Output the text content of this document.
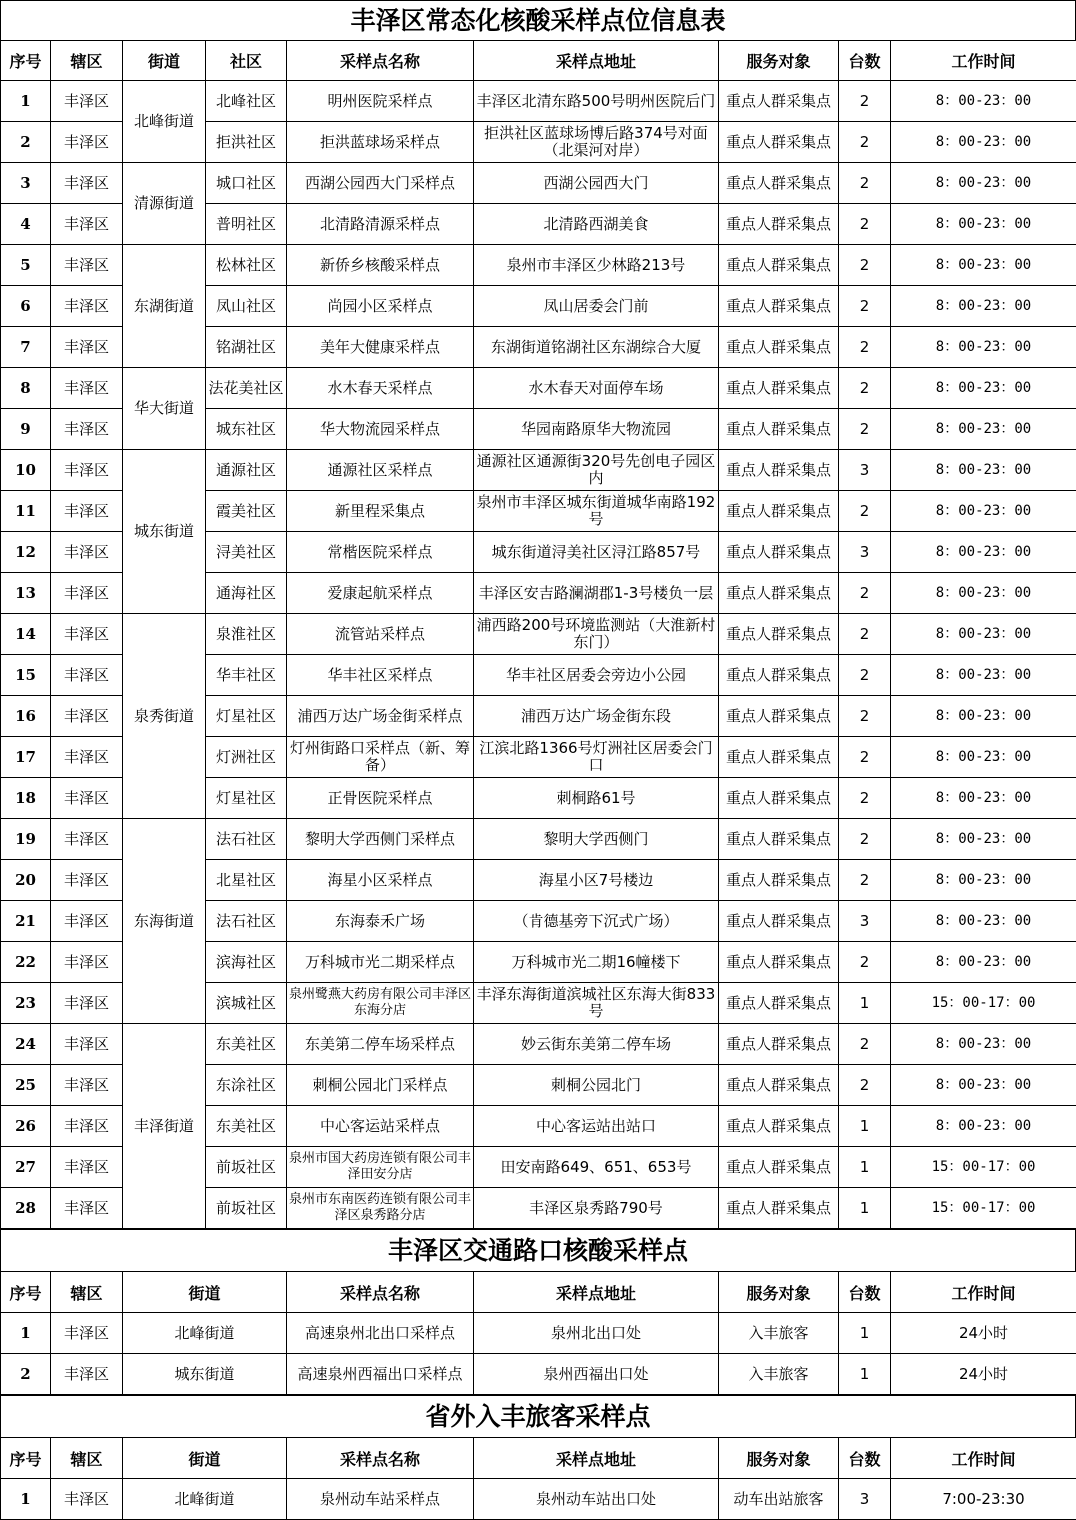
丰泽区常态化核酸采样点位信息表
序号	辖区	街道	社区	采样点名称	采样点地址	服务对象	台数	工作时间
1	丰泽区	北峰街道	北峰社区	明州医院采样点	丰泽区北清东路500号明州医院后门	重点人群采集点	2	8：00-23：00
2	丰泽区		拒洪社区	拒洪蓝球场采样点	拒洪社区蓝球场博后路374号对面（北渠河对岸）	重点人群采集点	2	8：00-23：00
3	丰泽区	清源街道	城口社区	西湖公园西大门采样点	西湖公园西大门	重点人群采集点	2	8：00-23：00
4	丰泽区		普明社区	北清路清源采样点	北清路西湖美食	重点人群采集点	2	8：00-23：00
5	丰泽区	东湖街道	松林社区	新侨乡核酸采样点	泉州市丰泽区少林路213号	重点人群采集点	2	8：00-23：00
6	丰泽区		凤山社区	尚园小区采样点	凤山居委会门前	重点人群采集点	2	8：00-23：00
7	丰泽区		铭湖社区	美年大健康采样点	东湖街道铭湖社区东湖综合大厦	重点人群采集点	2	8：00-23：00
8	丰泽区	华大街道	法花美社区	水木春天采样点	水木春天对面停车场	重点人群采集点	2	8：00-23：00
9	丰泽区		城东社区	华大物流园采样点	华园南路原华大物流园	重点人群采集点	2	8：00-23：00
10	丰泽区	城东街道	通源社区	通源社区采样点	通源社区通源街320号先创电子园区内	重点人群采集点	3	8：00-23：00
11	丰泽区		霞美社区	新里程采集点	泉州市丰泽区城东街道城华南路192号	重点人群采集点	2	8：00-23：00
12	丰泽区		浔美社区	常楷医院采样点	城东街道浔美社区浔江路857号	重点人群采集点	3	8：00-23：00
13	丰泽区		通海社区	爱康起航采样点	丰泽区安吉路澜湖郡1-3号楼负一层	重点人群采集点	2	8：00-23：00
14	丰泽区	泉秀街道	泉淮社区	流管站采样点	浦西路200号环境监测站（大淮新村东门）	重点人群采集点	2	8：00-23：00
15	丰泽区		华丰社区	华丰社区采样点	华丰社区居委会旁边小公园	重点人群采集点	2	8：00-23：00
16	丰泽区		灯星社区	浦西万达广场金街采样点	浦西万达广场金街东段	重点人群采集点	2	8：00-23：00
17	丰泽区		灯洲社区	灯州街路口采样点（新、筹备）	江滨北路1366号灯洲社区居委会门口	重点人群采集点	2	8：00-23：00
18	丰泽区		灯星社区	正骨医院采样点	刺桐路61号	重点人群采集点	2	8：00-23：00
19	丰泽区	东海街道	法石社区	黎明大学西侧门采样点	黎明大学西侧门	重点人群采集点	2	8：00-23：00
20	丰泽区		北星社区	海星小区采样点	海星小区7号楼边	重点人群采集点	2	8：00-23：00
21	丰泽区		法石社区	东海泰禾广场	（肯德基旁下沉式广场）	重点人群采集点	3	8：00-23：00
22	丰泽区		滨海社区	万科城市光二期采样点	万科城市光二期16幢楼下	重点人群采集点	2	8：00-23：00
23	丰泽区		滨城社区	泉州鹭燕大药房有限公司丰泽区东海分店	丰泽东海街道滨城社区东海大街833号	重点人群采集点	1	15：00-17：00
24	丰泽区	丰泽街道	东美社区	东美第二停车场采样点	妙云街东美第二停车场	重点人群采集点	2	8：00-23：00
25	丰泽区		东涂社区	刺桐公园北门采样点	刺桐公园北门	重点人群采集点	2	8：00-23：00
26	丰泽区		东美社区	中心客运站采样点	中心客运站出站口	重点人群采集点	1	8：00-23：00
27	丰泽区		前坂社区	泉州市国大药房连锁有限公司丰泽田安分店	田安南路649、651、653号	重点人群采集点	1	15：00-17：00
28	丰泽区		前坂社区	泉州市东南医药连锁有限公司丰泽区泉秀路分店	丰泽区泉秀路790号	重点人群采集点	1	15：00-17：00
丰泽区交通路口核酸采样点
序号	辖区	街道	采样点名称	采样点地址	服务对象	台数	工作时间
1	丰泽区	北峰街道	高速泉州北出口采样点	泉州北出口处	入丰旅客	1	24小时
2	丰泽区	城东街道	高速泉州西福出口采样点	泉州西福出口处	入丰旅客	1	24小时
省外入丰旅客采样点
序号	辖区	街道	采样点名称	采样点地址	服务对象	台数	工作时间
1	丰泽区	北峰街道	泉州动车站采样点	泉州动车站出口处	动车出站旅客	3	7:00-23:30
